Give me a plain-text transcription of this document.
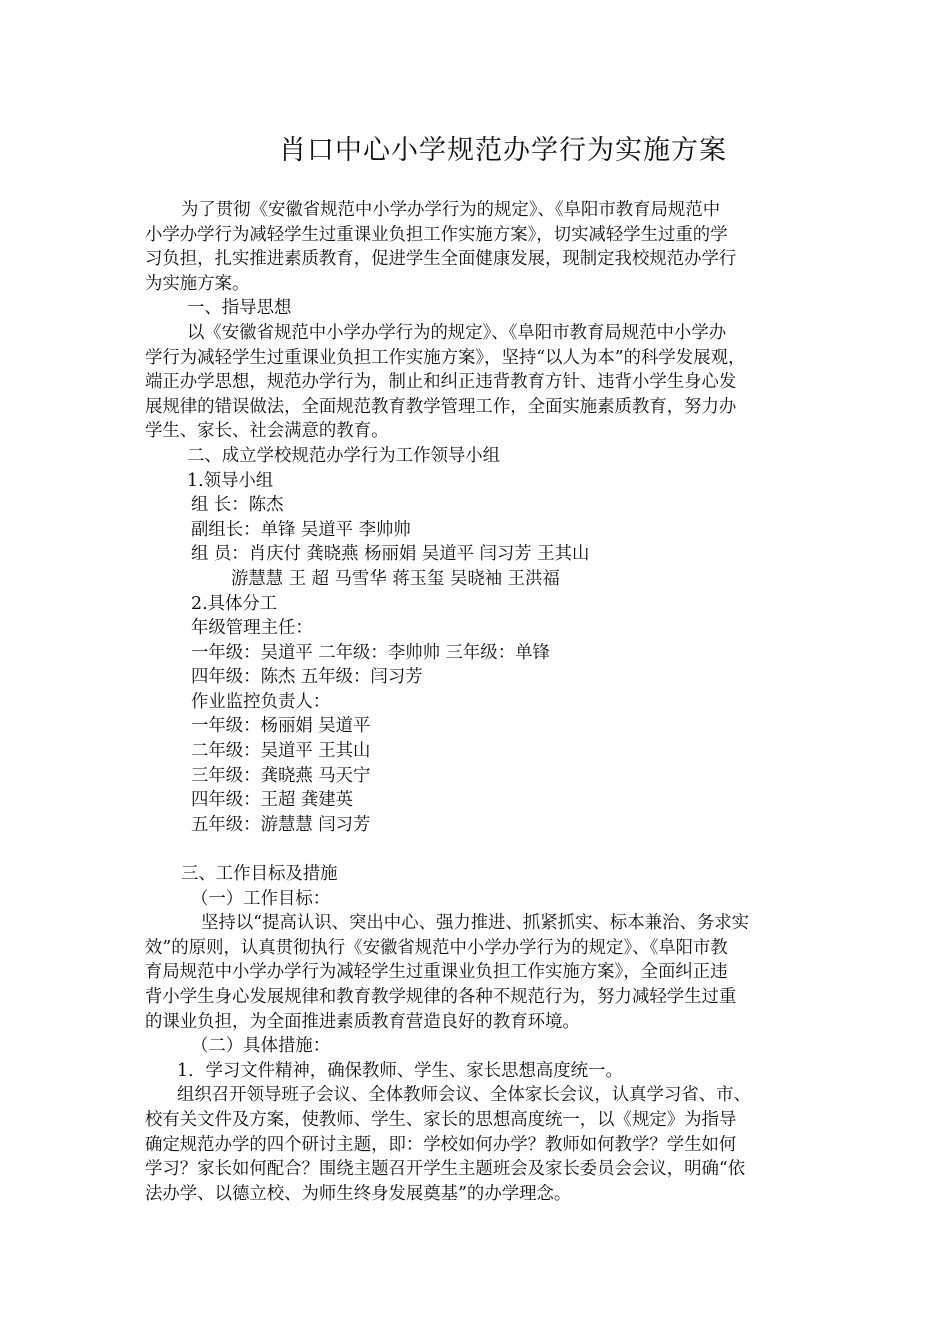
肖口中心小学规范办学行为实施方案
为了贯彻《安徽省规范中小学办学行为的规定》、《阜阳市教育局规范中
小学办学行为减轻学生过重课业负担工作实施方案》，切实减轻学生过重的学
习负担，扎实推进素质教育，促进学生全面健康发展，现制定我校规范办学行
为实施方案。
一、指导思想
以《安徽省规范中小学办学行为的规定》、《阜阳市教育局规范中小学办
学行为减轻学生过重课业负担工作实施方案》，坚持“以人为本”的科学发展观，
端正办学思想，规范办学行为，制止和纠正违背教育方针、违背小学生身心发
展规律的错误做法，全面规范教育教学管理工作，全面实施素质教育，努力办
学生、家长、社会满意的教育。
二、成立学校规范办学行为工作领导小组
1.领导小组
组 长：陈杰
副组长：单锋 吴道平 李帅帅
组 员：肖庆付 龚晓燕 杨丽娟 吴道平 闫习芳 王其山
游慧慧 王 超 马雪华 蒋玉玺 吴晓袖 王洪福
2.具体分工
年级管理主任：
一年级：吴道平 二年级：李帅帅 三年级：单锋
四年级：陈杰 五年级：闫习芳
作业监控负责人：
一年级：杨丽娟 吴道平
二年级：吴道平 王其山
三年级：龚晓燕 马天宁
四年级：王超 龚建英
五年级：游慧慧 闫习芳
三、工作目标及措施
（一）工作目标：
坚持以“提高认识、突出中心、强力推进、抓紧抓实、标本兼治、务求实
效”的原则，认真贯彻执行《安徽省规范中小学办学行为的规定》、《阜阳市教
育局规范中小学办学行为减轻学生过重课业负担工作实施方案》，全面纠正违
背小学生身心发展规律和教育教学规律的各种不规范行为，努力减轻学生过重
的课业负担，为全面推进素质教育营造良好的教育环境。
（二）具体措施：
1．学习文件精神，确保教师、学生、家长思想高度统一。
组织召开领导班子会议、全体教师会议、全体家长会议，认真学习省、市、
校有关文件及方案，使教师、学生、家长的思想高度统一，以《规定》为指导
确定规范办学的四个研讨主题，即：学校如何办学？教师如何教学？学生如何
学习？家长如何配合？围绕主题召开学生主题班会及家长委员会会议，明确“依
法办学、以德立校、为师生终身发展奠基”的办学理念。
